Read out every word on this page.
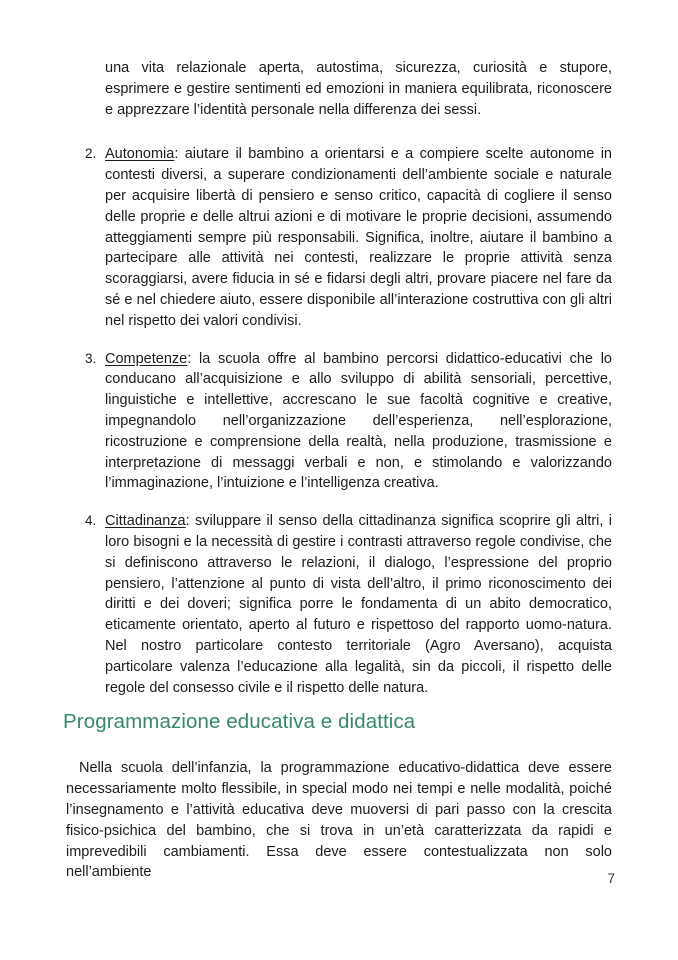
una vita relazionale aperta, autostima, sicurezza, curiosità e stupore, esprimere e gestire sentimenti ed emozioni in maniera equilibrata, riconoscere e apprezzare l’identità personale nella differenza dei sessi.

2. Autonomia: aiutare il bambino a orientarsi e a compiere scelte autonome in contesti diversi, a superare condizionamenti dell’ambiente sociale e naturale per acquisire libertà di pensiero e senso critico, capacità di cogliere il senso delle proprie e delle altrui azioni e di motivare le proprie decisioni, assumendo atteggiamenti sempre più responsabili. Significa, inoltre, aiutare il bambino a partecipare alle attività nei contesti, realizzare le proprie attività senza scoraggiarsi, avere fiducia in sé e fidarsi degli altri, provare piacere nel fare da sé e nel chiedere aiuto, essere disponibile all’interazione costruttiva con gli altri nel rispetto dei valori condivisi.
3. Competenze: la scuola offre al bambino percorsi didattico-educativi che lo conducano all’acquisizione e allo sviluppo di abilità sensoriali, percettive, linguistiche e intellettive, accrescano le sue facoltà cognitive e creative, impegnandolo nell’organizzazione dell’esperienza, nell’esplorazione, ricostruzione e comprensione della realtà, nella produzione, trasmissione e interpretazione di messaggi verbali e non, e stimolando e valorizzando l’immaginazione, l’intuizione e l’intelligenza creativa.
4. Cittadinanza: sviluppare il senso della cittadinanza significa scoprire gli altri, i loro bisogni e la necessità di gestire i contrasti attraverso regole condivise, che si definiscono attraverso le relazioni, il dialogo, l’espressione del proprio pensiero, l’attenzione al punto di vista dell’altro, il primo riconoscimento dei diritti e dei doveri; significa porre le fondamenta di un abito democratico, eticamente orientato, aperto al futuro e rispettoso del rapporto uomo-natura. Nel nostro particolare contesto territoriale (Agro Aversano), acquista particolare valenza l’educazione alla legalità, sin da piccoli, il rispetto delle regole del consesso civile e il rispetto delle natura.
Programmazione educativa e didattica

Nella scuola dell’infanzia, la programmazione educativo-didattica deve essere necessariamente molto flessibile, in special modo nei tempi e nelle modalità, poiché l’insegnamento e l’attività educativa deve muoversi di pari passo con la crescita fisico-psichica del bambino, che si trova in un’età caratterizzata da rapidi e imprevedibili cambiamenti. Essa deve essere contestualizzata non solo nell’ambiente	7
